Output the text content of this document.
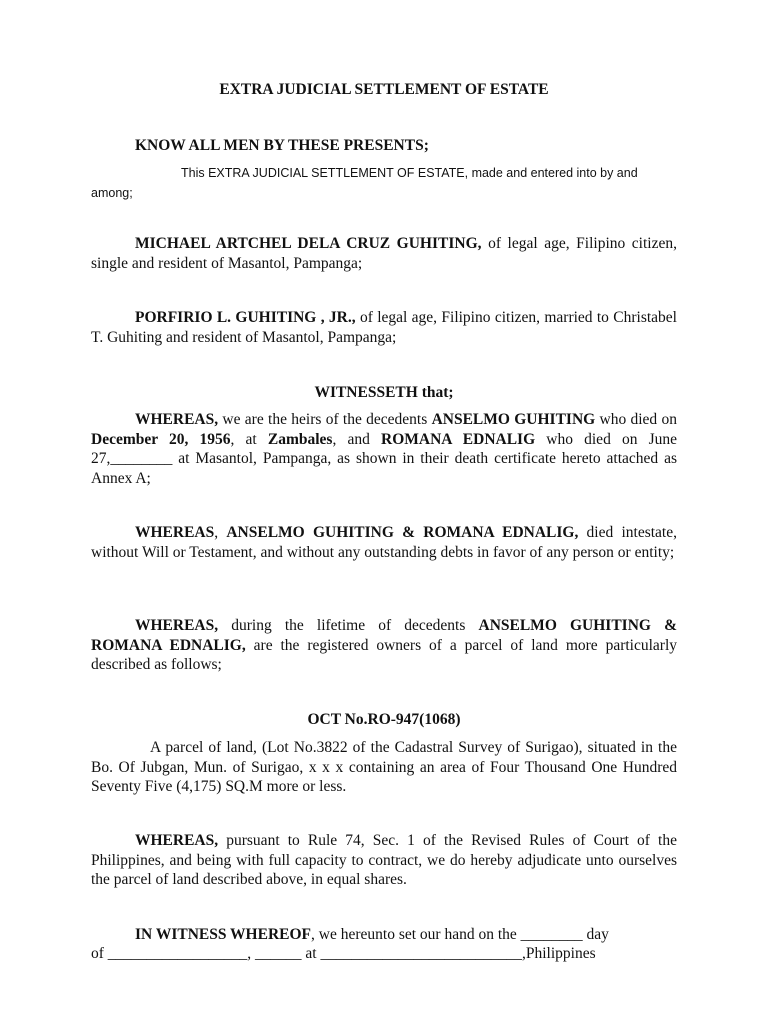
EXTRA JUDICIAL SETTLEMENT OF ESTATE

KNOW ALL MEN BY THESE PRESENTS;

This EXTRA JUDICIAL SETTLEMENT OF ESTATE, made and entered into by and among;

MICHAEL ARTCHEL DELA CRUZ GUHITING, of legal age, Filipino citizen, single and resident of Masantol, Pampanga;

PORFIRIO L. GUHITING , JR., of legal age, Filipino citizen, married to Christabel T. Guhiting and resident of Masantol, Pampanga;

WITNESSETH that;

WHEREAS, we are the heirs of the decedents ANSELMO GUHITING who died on December 20, 1956, at Zambales, and ROMANA EDNALIG who died on June 27,________ at Masantol, Pampanga, as shown in their death certificate hereto attached as Annex A;

WHEREAS, ANSELMO GUHITING & ROMANA EDNALIG, died intestate, without Will or Testament, and without any outstanding debts in favor of any person or entity;

WHEREAS, during the lifetime of decedents ANSELMO GUHITING & ROMANA EDNALIG, are the registered owners of a parcel of land more particularly described as follows;

OCT No.RO-947(1068)

A parcel of land, (Lot No.3822 of the Cadastral Survey of Surigao), situated in the Bo. Of Jubgan, Mun. of Surigao, x x x containing an area of Four Thousand One Hundred Seventy Five (4,175) SQ.M more or less.

WHEREAS, pursuant to Rule 74, Sec. 1 of the Revised Rules of Court of the Philippines, and being with full capacity to contract, we do hereby adjudicate unto ourselves the parcel of land described above, in equal shares.

IN WITNESS WHEREOF, we hereunto set our hand on the ________ day

of __________________, ______ at __________________________,Philippines
